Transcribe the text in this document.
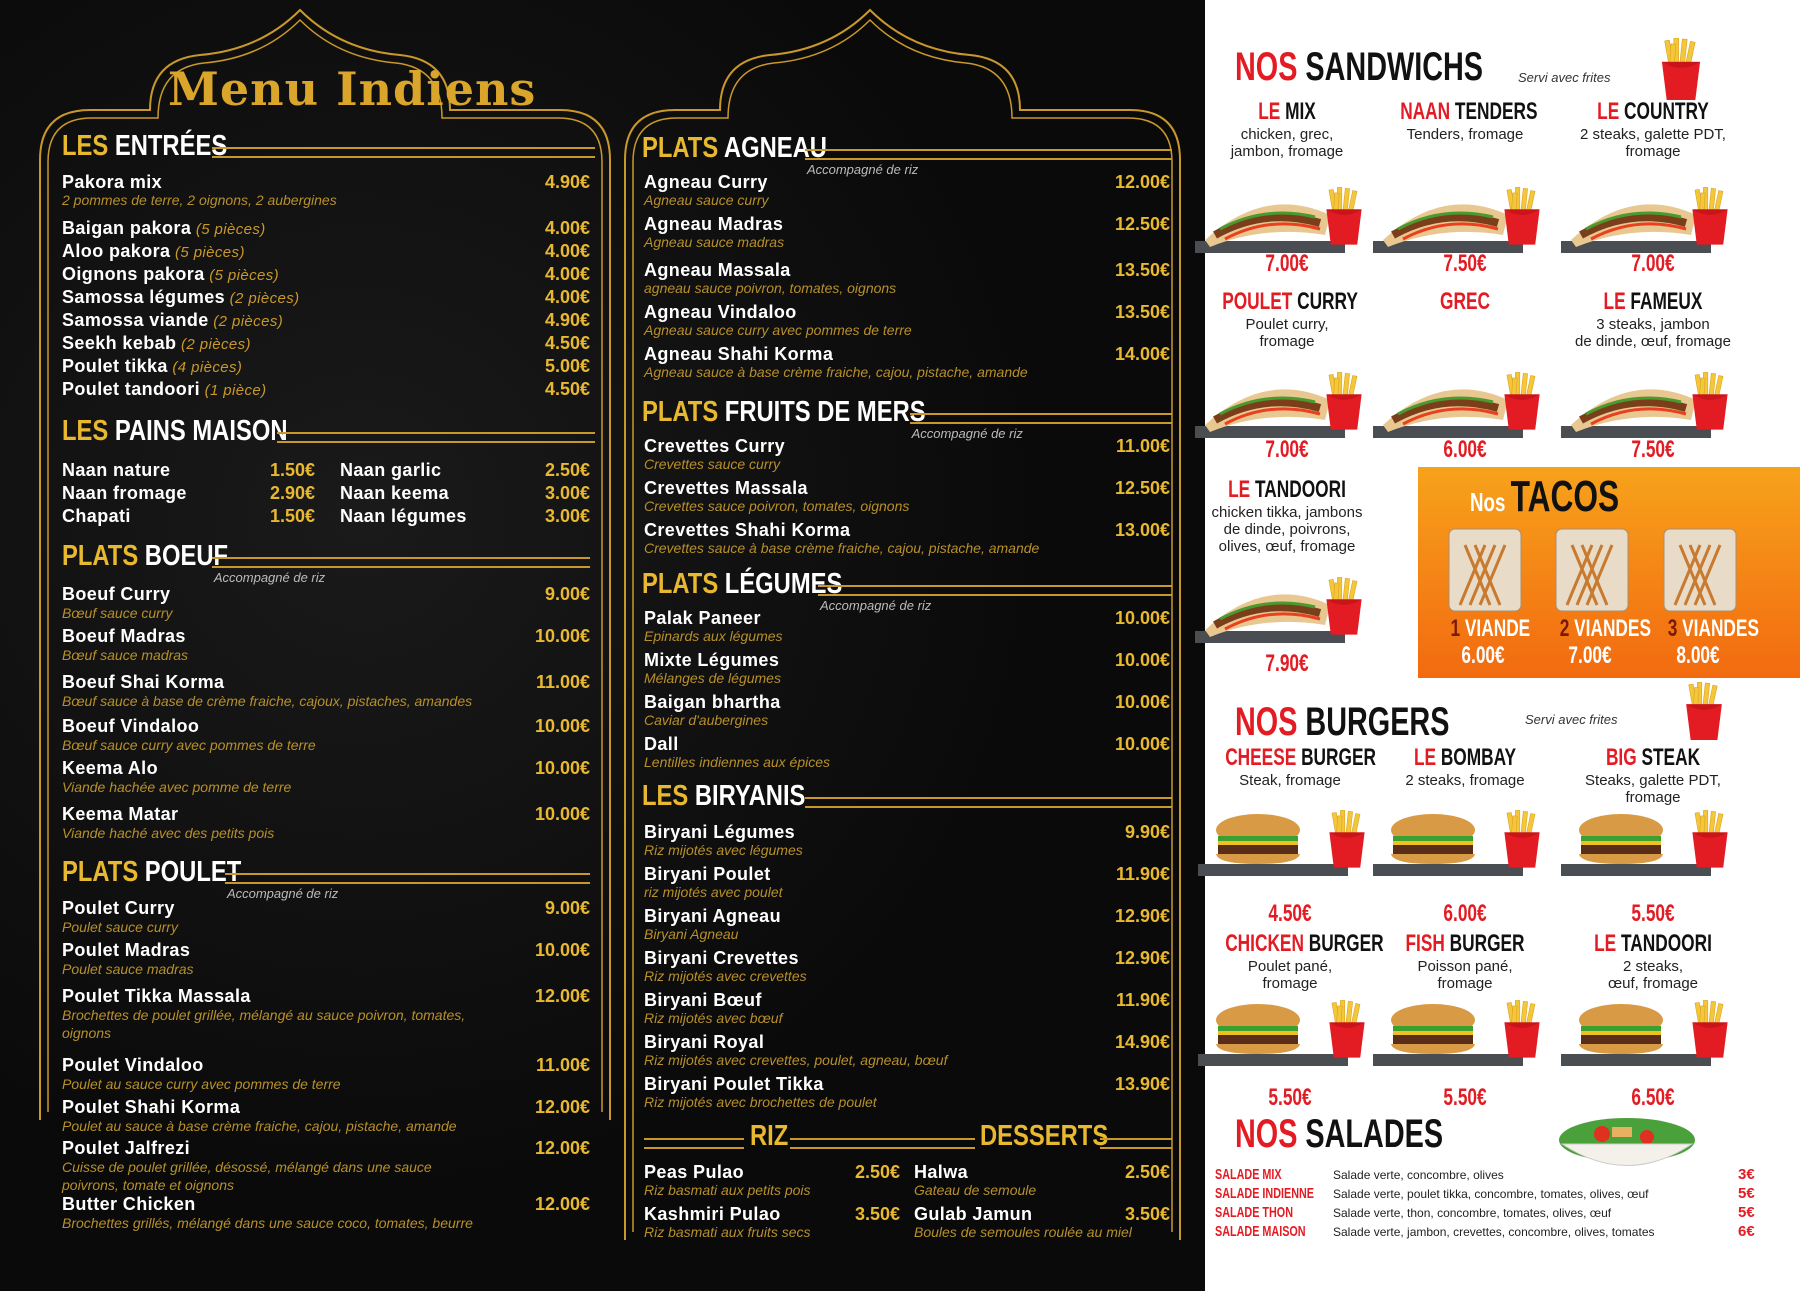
Menu Indiens
LES ENTRÉES
Pakora mix	4.90€
2 pommes de terre, 2 oignons, 2 aubergines
Baigan pakora (5 pièces)	4.00€
Aloo pakora (5 pièces)	4.00€
Oignons pakora (5 pièces)	4.00€
Samossa légumes (2 pièces)	4.00€
Samossa viande (2 pièces)	4.90€
Seekh kebab (2 pièces)	4.50€
Poulet tikka (4 pièces)	5.00€
Poulet tandoori (1 pièce)	4.50€
LES PAINS MAISON
Naan nature	1.50€
Naan fromage	2.90€
Chapati	1.50€
Naan garlic	2.50€
Naan keema	3.00€
Naan légumes	3.00€
PLATS BOEUF
Accompagné de riz
Boeuf Curry	9.00€
Bœuf sauce curry
Boeuf Madras	10.00€
Bœuf sauce madras
Boeuf Shai Korma	11.00€
Bœuf sauce à base de crème fraiche, cajoux, pistaches, amandes
Boeuf Vindaloo	10.00€
Bœuf sauce curry avec pommes de terre
Keema Alo	10.00€
Viande hachée avec pomme de terre
Keema Matar	10.00€
Viande haché avec des petits pois
PLATS POULET
Accompagné de riz
Poulet Curry	9.00€
Poulet sauce curry
Poulet Madras	10.00€
Poulet sauce madras
Poulet Tikka Massala	12.00€
Brochettes de poulet grillée, mélangé au sauce poivron, tomates,
oignons
Poulet Vindaloo	11.00€
Poulet au sauce curry avec pommes de terre
Poulet Shahi Korma	12.00€
Poulet au sauce à base crème fraiche, cajou, pistache, amande
Poulet Jalfrezi	12.00€
Cuisse de poulet grillée, désossé, mélangé dans une sauce
poivrons, tomate et oignons
Butter Chicken	12.00€
Brochettes grillés, mélangé dans une sauce coco, tomates, beurre
PLATS AGNEAU
Accompagné de riz
Agneau Curry	12.00€
Agneau sauce curry
Agneau Madras	12.50€
Agneau sauce madras
Agneau Massala	13.50€
agneau sauce poivron, tomates, oignons
Agneau Vindaloo	13.50€
Agneau sauce curry avec pommes de terre
Agneau Shahi Korma	14.00€
Agneau sauce à base crème fraiche, cajou, pistache, amande
PLATS FRUITS DE MERS
Accompagné de riz
Crevettes Curry	11.00€
Crevettes sauce curry
Crevettes Massala	12.50€
Crevettes sauce poivron, tomates, oignons
Crevettes Shahi Korma	13.00€
Crevettes sauce à base crème fraiche, cajou, pistache, amande
PLATS LÉGUMES
Accompagné de riz
Palak Paneer	10.00€
Epinards aux légumes
Mixte Légumes	10.00€
Mélanges de légumes
Baigan bhartha	10.00€
Caviar d'aubergines
Dall	10.00€
Lentilles indiennes aux épices
LES BIRYANIS
Biryani Légumes	9.90€
Riz mijotés avec légumes
Biryani Poulet	11.90€
riz mijotés avec poulet
Biryani Agneau	12.90€
Biryani Agneau
Biryani Crevettes	12.90€
Riz mijotés avec crevettes
Biryani Bœuf	11.90€
Riz mijotés avec bœuf
Biryani Royal	14.90€
Riz mijotés avec crevettes, poulet, agneau, bœuf
Biryani Poulet Tikka	13.90€
Riz mijotés avec brochettes de poulet
RIZ	DESSERTS
Peas Pulao	2.50€
Riz basmati aux petits pois
Kashmiri Pulao	3.50€
Riz basmati aux fruits secs
Halwa	2.50€
Gateau de semoule
Gulab Jamun	3.50€
Boules de semoules roulée au miel
NOS SANDWICHS	Servi avec frites
LE MIX
chicken, grec,
jambon, fromage
7.00€
NAAN TENDERS
Tenders, fromage
7.50€
LE COUNTRY
2 steaks, galette PDT,
fromage
7.00€
POULET CURRY
Poulet curry,
fromage
7.00€
GREC
6.00€
LE FAMEUX
3 steaks, jambon
de dinde, œuf, fromage
7.50€
LE TANDOORI
chicken tikka, jambons
de dinde, poivrons,
olives, œuf, fromage
7.90€
Nos TACOS
1 VIANDE
6.00€
2 VIANDES
7.00€
3 VIANDES
8.00€
NOS BURGERS	Servi avec frites
CHEESE BURGER
Steak, fromage
4.50€
LE BOMBAY
2 steaks, fromage
6.00€
BIG STEAK
Steaks, galette PDT,
fromage
5.50€
CHICKEN BURGER
Poulet pané,
fromage
5.50€
FISH BURGER
Poisson pané,
fromage
5.50€
LE TANDOORI
2 steaks,
œuf, fromage
6.50€
NOS SALADES
SALADE MIX	Salade verte, concombre, olives	3€
SALADE INDIENNE Salade verte, poulet tikka, concombre, tomates, olives, œuf	5€
SALADE THON	Salade verte, thon, concombre, tomates, olives, œuf	5€
SALADE MAISON Salade verte, jambon, crevettes, concombre, olives, tomates	6€
